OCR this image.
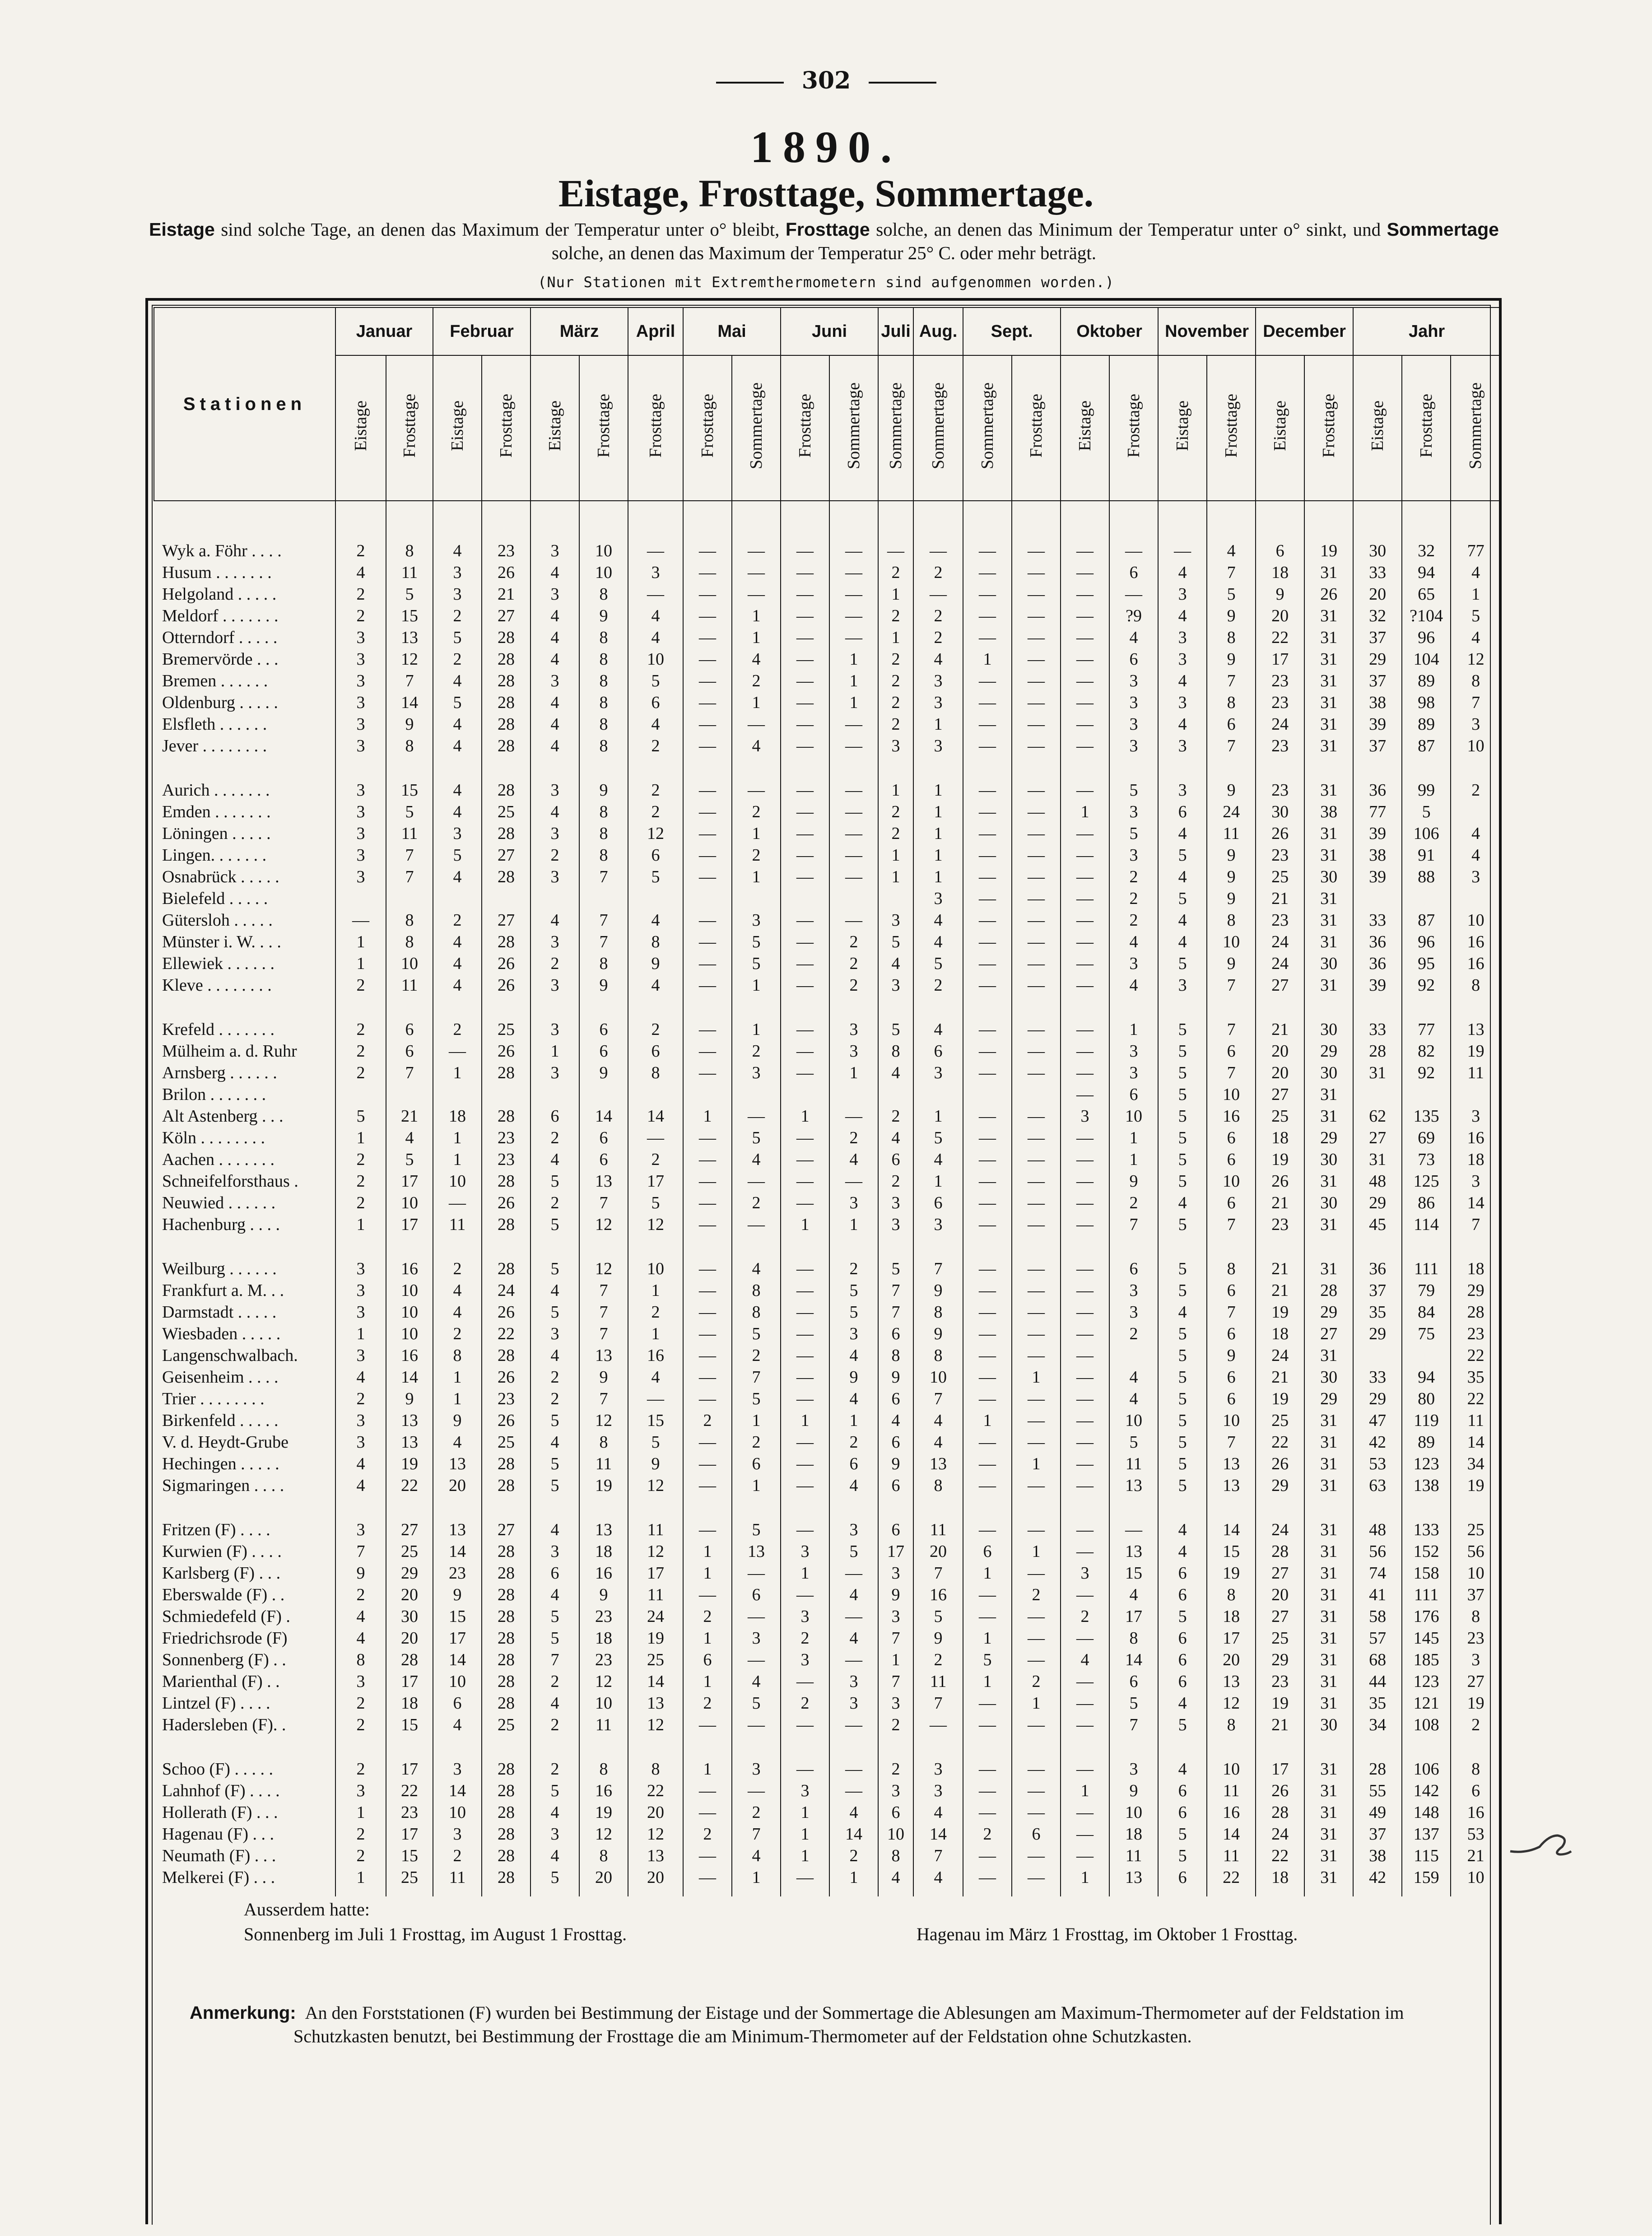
302
1890.
Eistage, Frosttage, Sommertage.
Eistage sind solche Tage, an denen das Maximum der Temperatur unter o° bleibt, Frosttage solche, an denen das Minimum der Temperatur unter o° sinkt, und Sommertage solche, an denen das Maximum der Temperatur 25° C. oder mehr beträgt.
(Nur Stationen mit Extremthermometern sind aufgenommen worden.)
Stationen	Januar		Februar		März		April	Mai		Juni		Juli	Aug.	Sept.		Oktober		November		December		Jahr		
	Eistage	Frosttage	Eistage	Frosttage	Eistage	Frosttage	Frosttage	Frosttage	Sommertage	Frosttage	Sommertage	Sommertage	Sommertage	Sommertage	Frosttage	Eistage	Frosttage	Eistage	Frosttage	Eistage	Frosttage	Eistage	Frosttage	Sommertage

Wyk a. Föhr . . . .	2	8	4	23	3	10	—	—	—	—	—	—	—	—	—	—	—	—	4	6	19	30	32	77
Husum . . . . . . .	4	11	3	26	4	10	3	—	—	—	—	2	2	—	—	—	6	4	7	18	31	33	94	4
Helgoland . . . . .	2	5	3	21	3	8	—	—	—	—	—	1	—	—	—	—	—	3	5	9	26	20	65	1
Meldorf . . . . . . .	2	15	2	27	4	9	4	—	1	—	—	2	2	—	—	—	?9	4	9	20	31	32	?104	5
Otterndorf . . . . .	3	13	5	28	4	8	4	—	1	—	—	1	2	—	—	—	4	3	8	22	31	37	96	4
Bremervörde . . .	3	12	2	28	4	8	10	—	4	—	1	2	4	1	—	—	6	3	9	17	31	29	104	12
Bremen . . . . . .	3	7	4	28	3	8	5	—	2	—	1	2	3	—	—	—	3	4	7	23	31	37	89	8
Oldenburg . . . . .	3	14	5	28	4	8	6	—	1	—	1	2	3	—	—	—	3	3	8	23	31	38	98	7
Elsfleth . . . . . .	3	9	4	28	4	8	4	—	—	—	—	2	1	—	—	—	3	4	6	24	31	39	89	3
Jever . . . . . . . .	3	8	4	28	4	8	2	—	4	—	—	3	3	—	—	—	3	3	7	23	31	37	87	10

Aurich . . . . . . .	3	15	4	28	3	9	2	—	—	—	—	1	1	—	—	—	5	3	9	23	31	36	99	2
Emden . . . . . . .	3	5	4	25	4	8	2	—	2	—	—	2	1	—	—	1	3	6	24	30	38	77	5	
Löningen . . . . .	3	11	3	28	3	8	12	—	1	—	—	2	1	—	—	—	5	4	11	26	31	39	106	4
Lingen. . . . . . .	3	7	5	27	2	8	6	—	2	—	—	1	1	—	—	—	3	5	9	23	31	38	91	4
Osnabrück . . . . .	3	7	4	28	3	7	5	—	1	—	—	1	1	—	—	—	2	4	9	25	30	39	88	3
Bielefeld . . . . .													3	—	—	—	2	5	9	21	31			
Gütersloh . . . . .	—	8	2	27	4	7	4	—	3	—	—	3	4	—	—	—	2	4	8	23	31	33	87	10
Münster i. W. . . .	1	8	4	28	3	7	8	—	5	—	2	5	4	—	—	—	4	4	10	24	31	36	96	16
Ellewiek . . . . . .	1	10	4	26	2	8	9	—	5	—	2	4	5	—	—	—	3	5	9	24	30	36	95	16
Kleve . . . . . . . .	2	11	4	26	3	9	4	—	1	—	2	3	2	—	—	—	4	3	7	27	31	39	92	8

Krefeld . . . . . . .	2	6	2	25	3	6	2	—	1	—	3	5	4	—	—	—	1	5	7	21	30	33	77	13
Mülheim a. d. Ruhr	2	6	—	26	1	6	6	—	2	—	3	8	6	—	—	—	3	5	6	20	29	28	82	19
Arnsberg . . . . . .	2	7	1	28	3	9	8	—	3	—	1	4	3	—	—	—	3	5	7	20	30	31	92	11
Brilon . . . . . . .																—	6	5	10	27	31			
Alt Astenberg . . .	5	21	18	28	6	14	14	1	—	1	—	2	1	—	—	3	10	5	16	25	31	62	135	3
Köln . . . . . . . .	1	4	1	23	2	6	—	—	5	—	2	4	5	—	—	—	1	5	6	18	29	27	69	16
Aachen . . . . . . .	2	5	1	23	4	6	2	—	4	—	4	6	4	—	—	—	1	5	6	19	30	31	73	18
Schneifelforsthaus .	2	17	10	28	5	13	17	—	—	—	—	2	1	—	—	—	9	5	10	26	31	48	125	3
Neuwied . . . . . .	2	10	—	26	2	7	5	—	2	—	3	3	6	—	—	—	2	4	6	21	30	29	86	14
Hachenburg . . . .	1	17	11	28	5	12	12	—	—	1	1	3	3	—	—	—	7	5	7	23	31	45	114	7

Weilburg . . . . . .	3	16	2	28	5	12	10	—	4	—	2	5	7	—	—	—	6	5	8	21	31	36	111	18
Frankfurt a. M. . .	3	10	4	24	4	7	1	—	8	—	5	7	9	—	—	—	3	5	6	21	28	37	79	29
Darmstadt . . . . .	3	10	4	26	5	7	2	—	8	—	5	7	8	—	—	—	3	4	7	19	29	35	84	28
Wiesbaden . . . . .	1	10	2	22	3	7	1	—	5	—	3	6	9	—	—	—	2	5	6	18	27	29	75	23
Langenschwalbach.	3	16	8	28	4	13	16	—	2	—	4	8	8	—	—	—		5	9	24	31			22
Geisenheim . . . .	4	14	1	26	2	9	4	—	7	—	9	9	10	—	1	—	4	5	6	21	30	33	94	35
Trier . . . . . . . .	2	9	1	23	2	7	—	—	5	—	4	6	7	—	—	—	4	5	6	19	29	29	80	22
Birkenfeld . . . . .	3	13	9	26	5	12	15	2	1	1	1	4	4	1	—	—	10	5	10	25	31	47	119	11
V. d. Heydt-Grube	3	13	4	25	4	8	5	—	2	—	2	6	4	—	—	—	5	5	7	22	31	42	89	14
Hechingen . . . . .	4	19	13	28	5	11	9	—	6	—	6	9	13	—	1	—	11	5	13	26	31	53	123	34
Sigmaringen . . . .	4	22	20	28	5	19	12	—	1	—	4	6	8	—	—	—	13	5	13	29	31	63	138	19

Fritzen (F) . . . .	3	27	13	27	4	13	11	—	5	—	3	6	11	—	—	—	—	4	14	24	31	48	133	25
Kurwien (F) . . . .	7	25	14	28	3	18	12	1	13	3	5	17	20	6	1	—	13	4	15	28	31	56	152	56
Karlsberg (F) . . .	9	29	23	28	6	16	17	1	—	1	—	3	7	1	—	3	15	6	19	27	31	74	158	10
Eberswalde (F) . .	2	20	9	28	4	9	11	—	6	—	4	9	16	—	2	—	4	6	8	20	31	41	111	37
Schmiedefeld (F) .	4	30	15	28	5	23	24	2	—	3	—	3	5	—	—	2	17	5	18	27	31	58	176	8
Friedrichsrode (F)	4	20	17	28	5	18	19	1	3	2	4	7	9	1	—	—	8	6	17	25	31	57	145	23
Sonnenberg (F) . .	8	28	14	28	7	23	25	6	—	3	—	1	2	5	—	4	14	6	20	29	31	68	185	3
Marienthal (F) . .	3	17	10	28	2	12	14	1	4	—	3	7	11	1	2	—	6	6	13	23	31	44	123	27
Lintzel (F) . . . .	2	18	6	28	4	10	13	2	5	2	3	3	7	—	1	—	5	4	12	19	31	35	121	19
Hadersleben (F). .	2	15	4	25	2	11	12	—	—	—	—	2	—	—	—	—	7	5	8	21	30	34	108	2

Schoo (F) . . . . .	2	17	3	28	2	8	8	1	3	—	—	2	3	—	—	—	3	4	10	17	31	28	106	8
Lahnhof (F) . . . .	3	22	14	28	5	16	22	—	—	3	—	3	3	—	—	1	9	6	11	26	31	55	142	6
Hollerath (F) . . .	1	23	10	28	4	19	20	—	2	1	4	6	4	—	—	—	10	6	16	28	31	49	148	16
Hagenau (F) . . .	2	17	3	28	3	12	12	2	7	1	14	10	14	2	6	—	18	5	14	24	31	37	137	53
Neumath (F) . . .	2	15	2	28	4	8	13	—	4	1	2	8	7	—	—	—	11	5	11	22	31	38	115	21
Melkerei (F) . . .	1	25	11	28	5	20	20	—	1	—	1	4	4	—	—	1	13	6	22	18	31	42	159	10

Ausserdem hatte:
Sonnenberg im Juli 1 Frosttag, im August 1 Frosttag.	Hagenau im März 1 Frosttag, im Oktober 1 Frosttag.
Anmerkung: An den Forststationen (F) wurden bei Bestimmung der Eistage und der Sommertage die Ablesungen am Maximum-Thermometer auf der Feldstation im Schutzkasten benutzt, bei Bestimmung der Frosttage die am Minimum-Thermometer auf der Feldstation ohne Schutzkasten.
